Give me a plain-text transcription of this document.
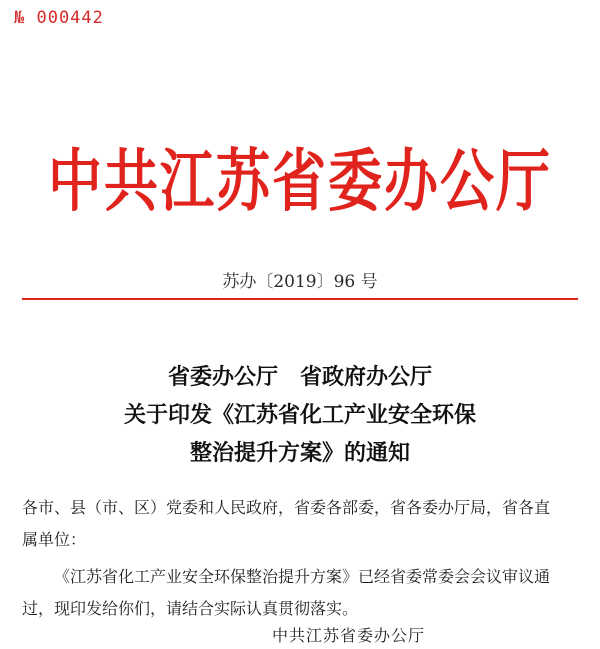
№ 000442
中共江苏省委办公厅
苏办〔2019〕96 号
省委办公厅　省政府办公厅
关于印发《江苏省化工产业安全环保
整治提升方案》的通知
各市、县（市、区）党委和人民政府，省委各部委，省各委办厅局，省各直属单位：
《江苏省化工产业安全环保整治提升方案》已经省委常委会会议审议通过，现印发给你们，请结合实际认真贯彻落实。
中共江苏省委办公厅
